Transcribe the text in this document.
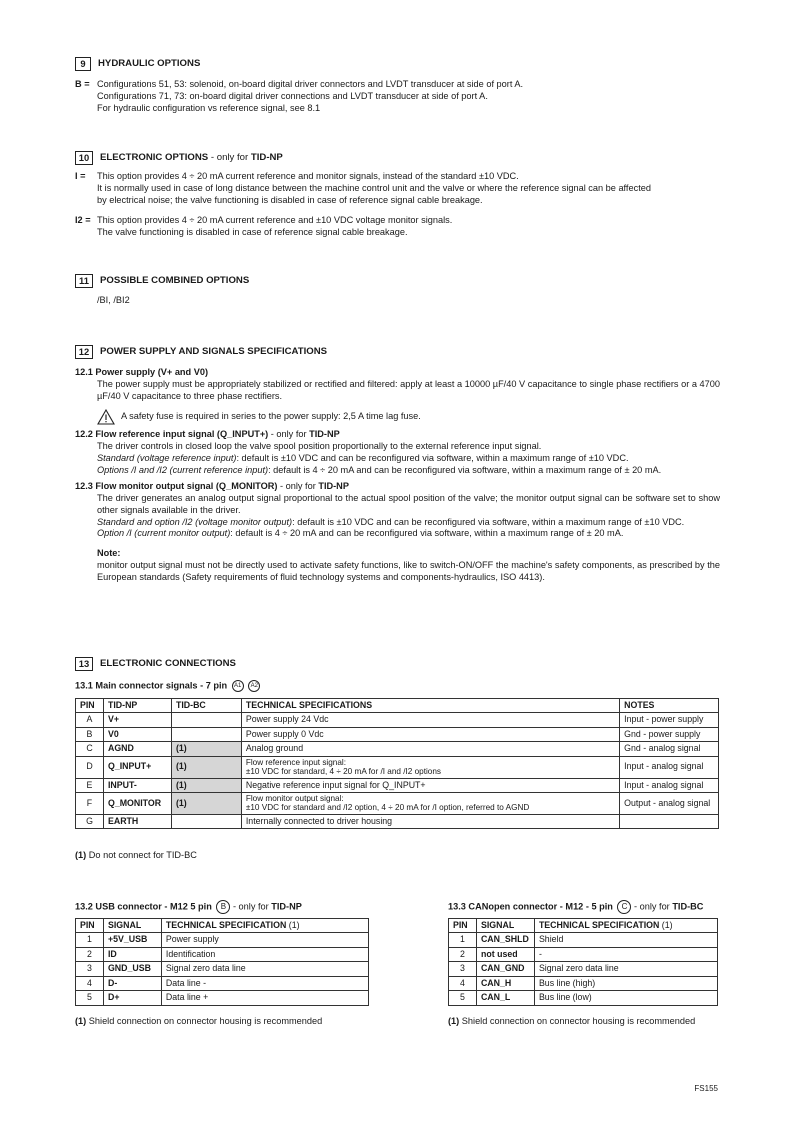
9	HYDRAULIC OPTIONS
B = Configurations 51, 53: solenoid, on-board digital driver connectors and LVDT transducer at side of port A.

Configurations 71, 73: on-board digital driver connections and LVDT transducer at side of port A.

For hydraulic configuration vs reference signal, see 8.1

10	ELECTRONIC OPTIONS - only for TID-NP
I = This option provides 4 ÷ 20 mA current reference and monitor signals, instead of the standard ±10 VDC.

It is normally used in case of long distance between the machine control unit and the valve or where the reference signal can be affected

by electrical noise; the valve functioning is disabled in case of reference signal cable breakage.

I2 = This option provides 4 ÷ 20 mA current reference and ±10 VDC voltage monitor signals.

The valve functioning is disabled in case of reference signal cable breakage.

11	POSSIBLE COMBINED OPTIONS
/BI, /BI2
12	POWER SUPPLY AND SIGNALS SPECIFICATIONS
12.1 Power supply (V+ and V0)

The power supply must be appropriately stabilized or rectified and filtered: apply at least a 10000 µF/40 V capacitance to single phase rectifiers or a 4700 µF/40 V capacitance to three phase rectifiers.

A safety fuse is required in series to the power supply: 2,5 A time lag fuse.
12.2 Flow reference input signal (Q_INPUT+) - only for TID-NP

The driver controls in closed loop the valve spool position proportionally to the external reference input signal.

Standard (voltage reference input): default is ±10 VDC and can be reconfigured via software, within a maximum range of ±10 VDC.

Options /I and /I2 (current reference input): default is 4 ÷ 20 mA and can be reconfigured via software, within a maximum range of ± 20 mA.

12.3 Flow monitor output signal (Q_MONITOR) - only for TID-NP

The driver generates an analog output signal proportional to the actual spool position of the valve; the monitor output signal can be software set to show other signals available in the driver.

Standard and option /I2 (voltage monitor output): default is ±10 VDC and can be reconfigured via software, within a maximum range of ±10 VDC.

Option /I (current monitor output): default is 4 ÷ 20 mA and can be reconfigured via software, within a maximum range of ± 20 mA.

Note:

monitor output signal must not be directly used to activate safety functions, like to switch-ON/OFF the machine's safety components, as prescribed by the European standards (Safety requirements of fluid technology systems and components-hydraulics, ISO 4413).

13	ELECTRONIC CONNECTIONS
13.1 Main connector signals - 7 pin A1 A2
PIN	TID-NP	TID-BC	TECHNICAL SPECIFICATIONS	NOTES
A	V+		Power supply 24 Vdc	Input - power supply
B	V0		Power supply 0 Vdc	Gnd - power supply
C	AGND	(1)	Analog ground	Gnd - analog signal
D	Q_INPUT+	(1)	Flow reference input signal:
±10 VDC for standard, 4 ÷ 20 mA for /I and /I2 options	Input - analog signal
E	INPUT-	(1)	Negative reference input signal for Q_INPUT+	Input - analog signal
F	Q_MONITOR	(1)	Flow monitor output signal:
±10 VDC for standard and /I2 option, 4 ÷ 20 mA for /I option, referred to AGND	Output - analog signal
G	EARTH		Internally connected to driver housing	

(1) Do not connect for TID-BC
13.2 USB connector - M12 5 pin B - only for TID-NP
PIN	SIGNAL	TECHNICAL SPECIFICATION (1)
1	+5V_USB	Power supply
2	ID	Identification
3	GND_USB	Signal zero data line
4	D-	Data line -
5	D+	Data line +
(1) Shield connection on connector housing is recommended
13.3 CANopen connector - M12 - 5 pin C - only for TID-BC
PIN	SIGNAL	TECHNICAL SPECIFICATION (1)
1	CAN_SHLD	Shield
2	not used	-
3	CAN_GND	Signal zero data line
4	CAN_H	Bus line (high)
5	CAN_L	Bus line (low)
(1) Shield connection on connector housing is recommended
FS155
